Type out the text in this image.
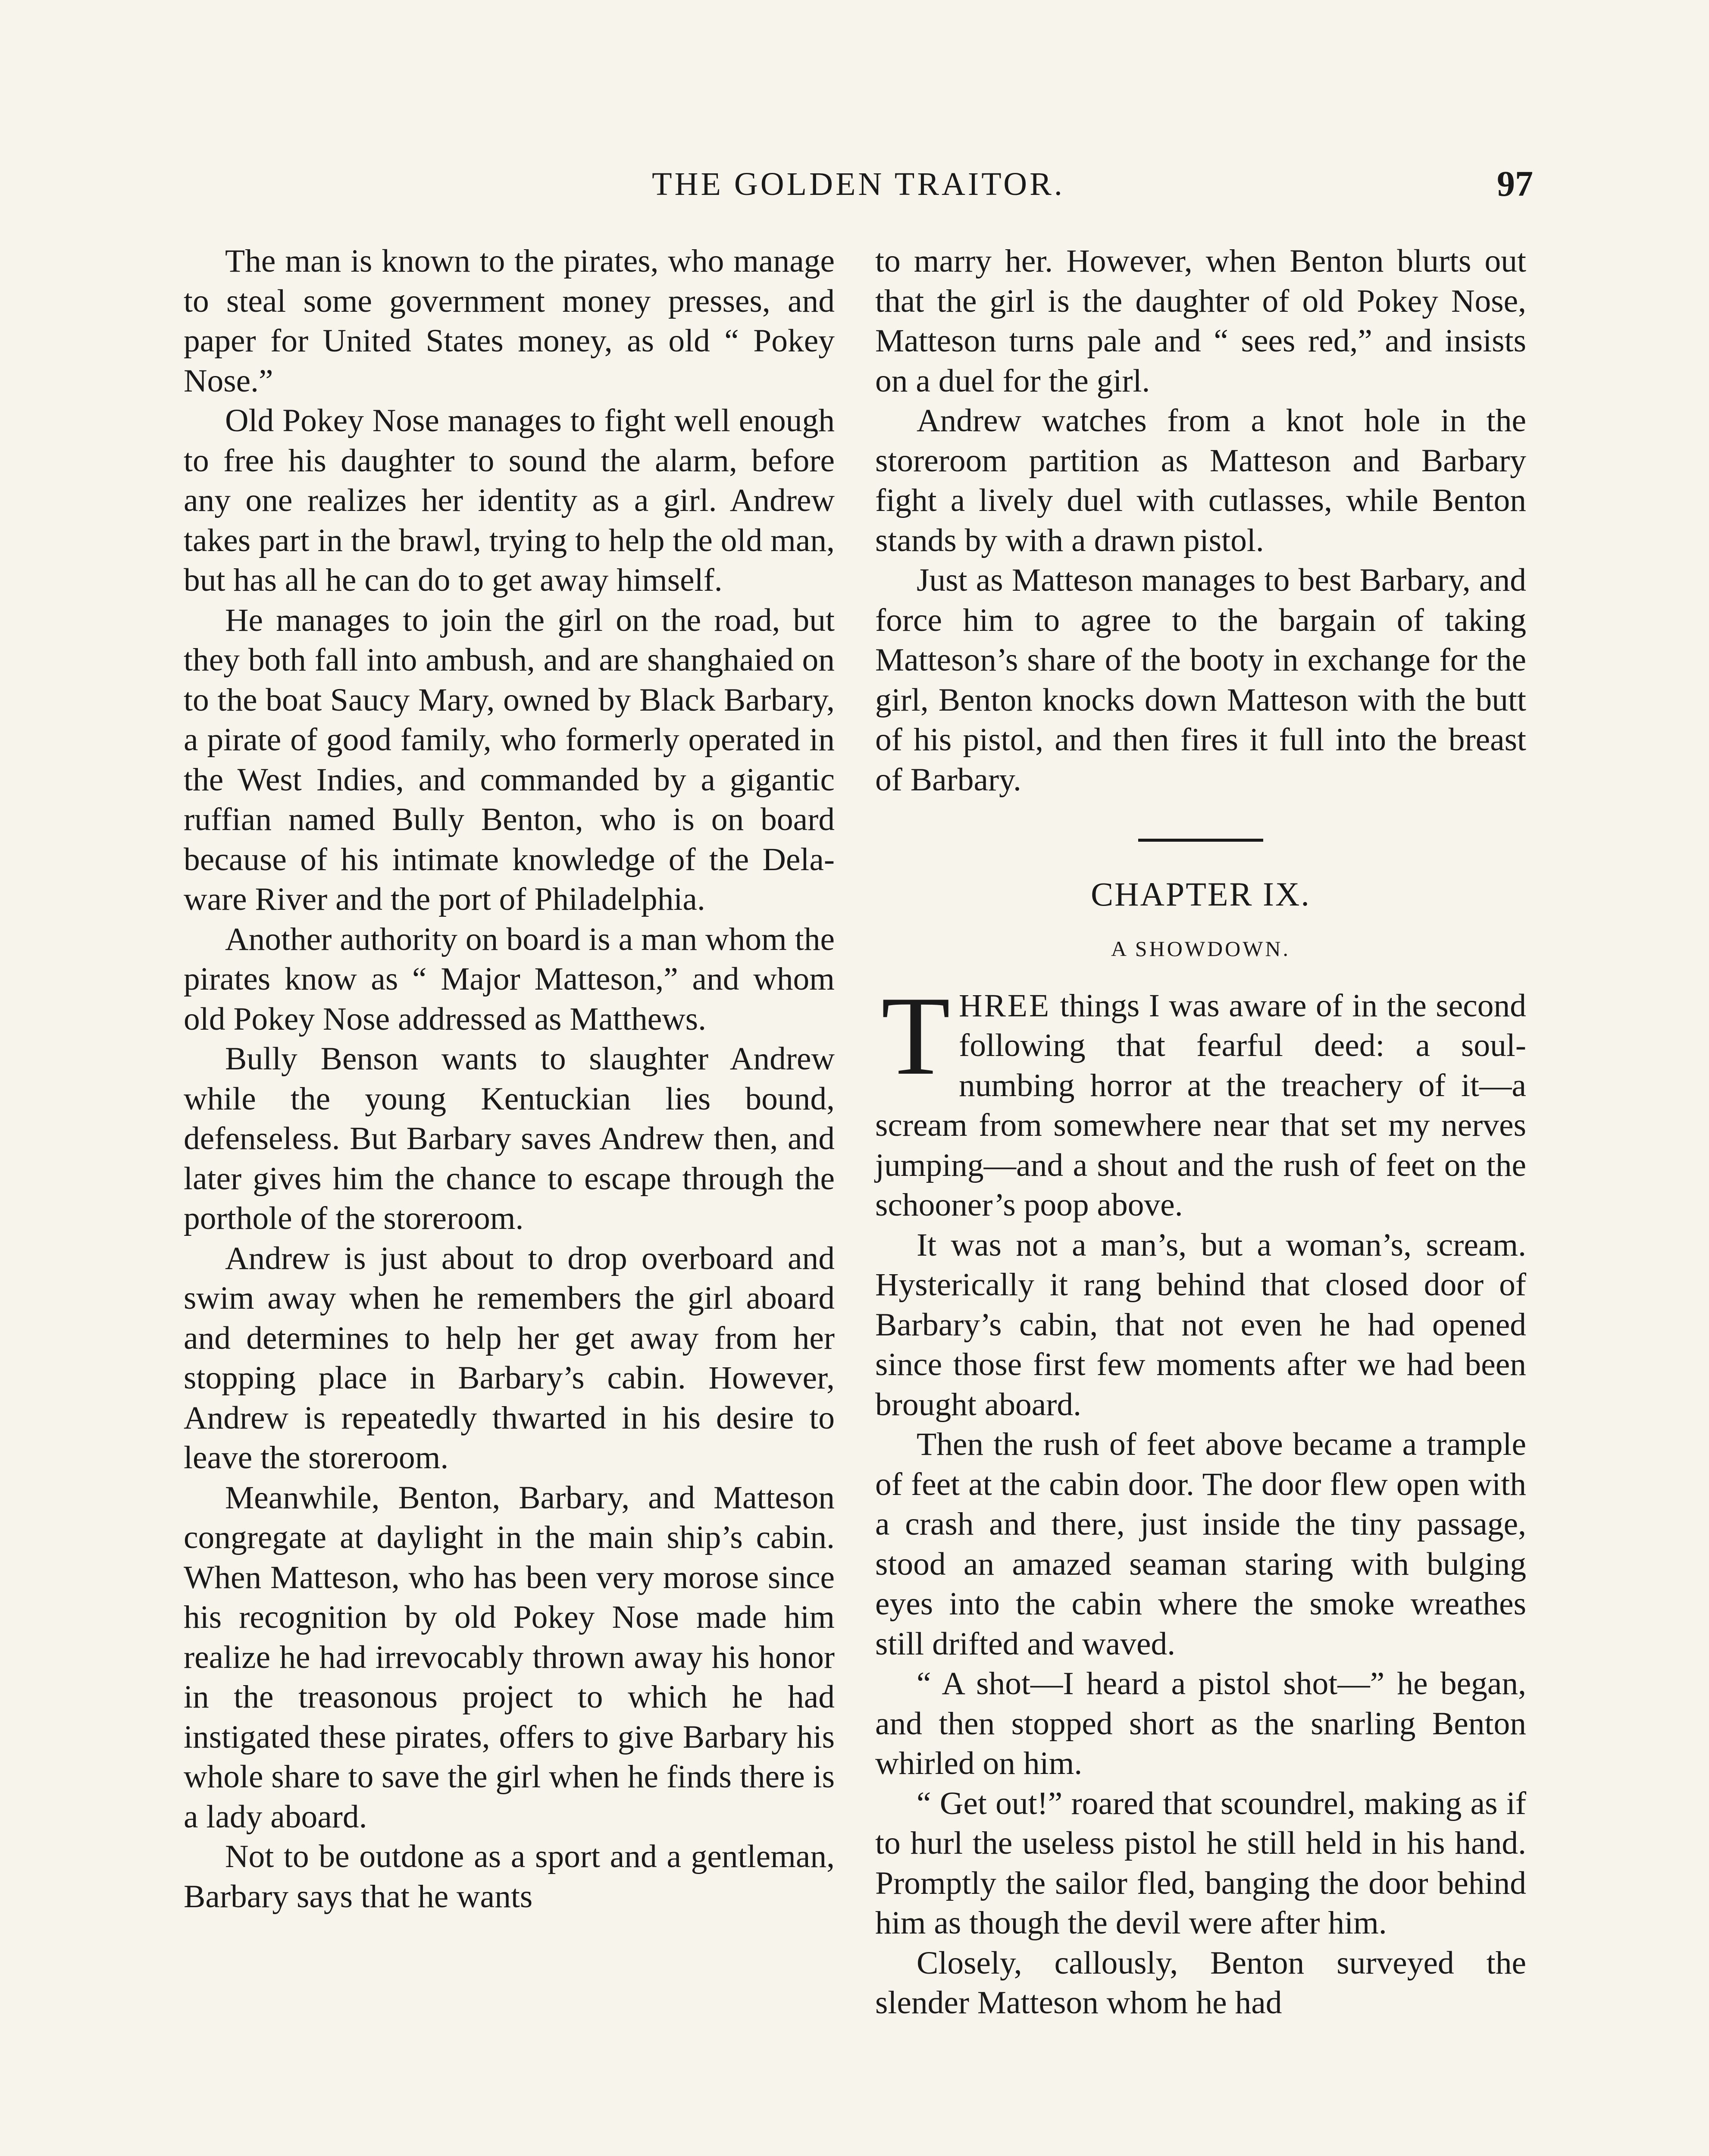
THE GOLDEN TRAITOR.	97

The man is known to the pirates, who manage to steal some government money presses, and paper for United States money, as old “ Pokey Nose.”

Old Pokey Nose manages to fight well enough to free his daughter to sound the alarm, before any one realizes her identity as a girl. Andrew takes part in the brawl, trying to help the old man, but has all he can do to get away himself.

He manages to join the girl on the road, but they both fall into ambush, and are shanghaied on to the boat Saucy Mary, owned by Black Barbary, a pirate of good family, who formerly operated in the West Indies, and commanded by a gigantic ruffian named Bully Benton, who is on board because of his intimate knowledge of the Delaware River and the port of Philadelphia.

Another authority on board is a man whom the pirates know as “ Major Matteson,” and whom old Pokey Nose addressed as Matthews.

Bully Benson wants to slaughter Andrew while the young Kentuckian lies bound, defenseless. But Barbary saves Andrew then, and later gives him the chance to escape through the porthole of the storeroom.

Andrew is just about to drop overboard and swim away when he remembers the girl aboard and determines to help her get away from her stopping place in Barbary’s cabin. However, Andrew is repeatedly thwarted in his desire to leave the storeroom.

Meanwhile, Benton, Barbary, and Matteson congregate at daylight in the main ship’s cabin. When Matteson, who has been very morose since his recognition by old Pokey Nose made him realize he had irrevocably thrown away his honor in the treasonous project to which he had instigated these pirates, offers to give Barbary his whole share to save the girl when he finds there is a lady aboard.

Not to be outdone as a sport and a gentleman, Barbary says that he wants

to marry her. However, when Benton blurts out that the girl is the daughter of old Pokey Nose, Matteson turns pale and “ sees red,” and insists on a duel for the girl.

Andrew watches from a knot hole in the storeroom partition as Matteson and Barbary fight a lively duel with cutlasses, while Benton stands by with a drawn pistol.

Just as Matteson manages to best Barbary, and force him to agree to the bargain of taking Matteson’s share of the booty in exchange for the girl, Benton knocks down Matteson with the butt of his pistol, and then fires it full into the breast of Barbary.

CHAPTER IX.
A SHOWDOWN.

THREE things I was aware of in the second following that fearful deed: a soul-numbing horror at the treachery of it—a scream from somewhere near that set my nerves jumping—and a shout and the rush of feet on the schooner’s poop above.

It was not a man’s, but a woman’s, scream. Hysterically it rang behind that closed door of Barbary’s cabin, that not even he had opened since those first few moments after we had been brought aboard.

Then the rush of feet above became a trample of feet at the cabin door. The door flew open with a crash and there, just inside the tiny passage, stood an amazed seaman staring with bulging eyes into the cabin where the smoke wreathes still drifted and waved.

“ A shot—I heard a pistol shot—” he began, and then stopped short as the snarling Benton whirled on him.

“ Get out!” roared that scoundrel, making as if to hurl the useless pistol he still held in his hand. Promptly the sailor fled, banging the door behind him as though the devil were after him.

Closely, callously, Benton surveyed the slender Matteson whom he had
